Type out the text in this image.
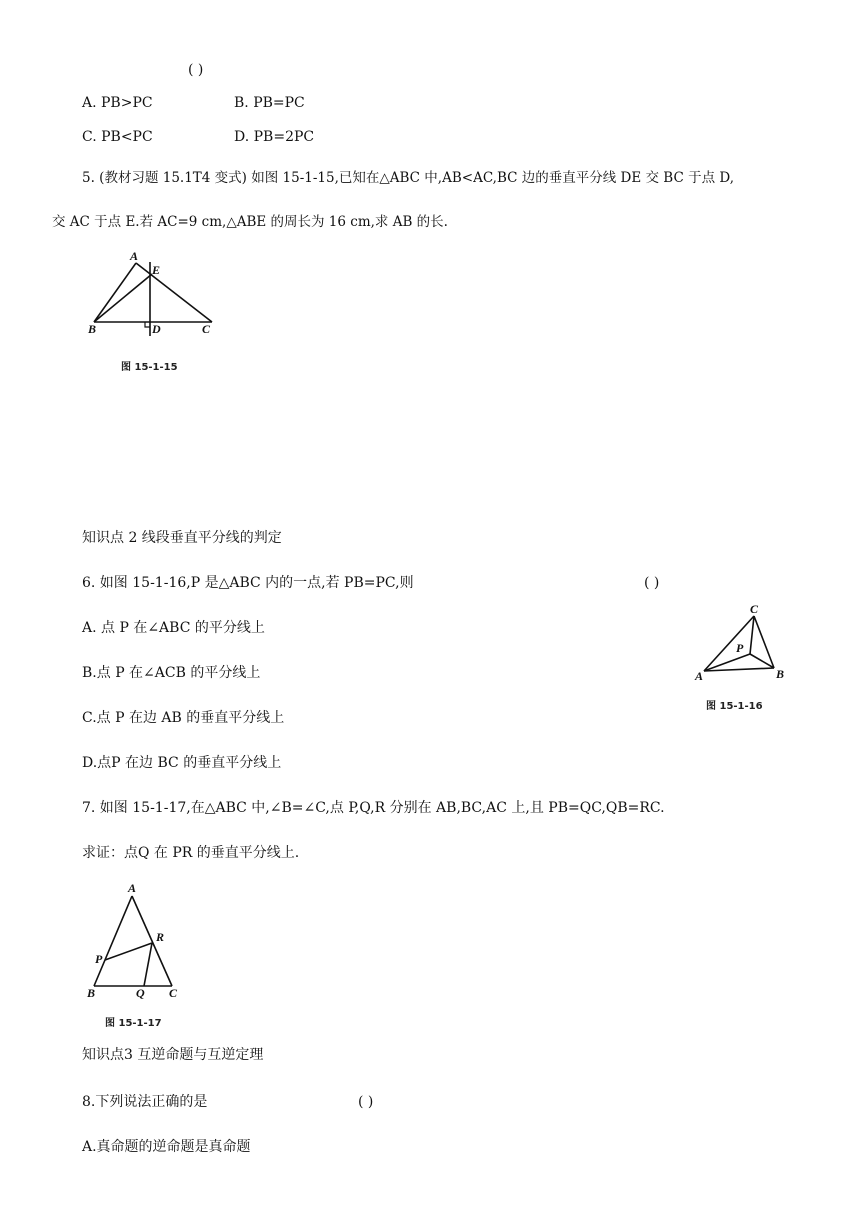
( )
A. PB>PC	B. PB=PC
C. PB<PC	D. PB=2PC
5. (教材习题 15.1T4 变式) 如图 15-1-15,已知在△ABC 中,AB<AC,BC 边的垂直平分线 DE 交 BC 于点 D,
交 AC 于点 E.若 AC=9 cm,△ABE 的周长为 16 cm,求 AB 的长.
A
E
B	D	C
图 15-1-15
知识点 2 线段垂直平分线的判定
6. 如图 15-1-16,P 是△ABC 内的一点,若 PB=PC,则	( )
A. 点 P 在∠ABC 的平分线上
B.点 P 在∠ACB 的平分线上
C.点 P 在边 AB 的垂直平分线上
D.点P 在边 BC 的垂直平分线上
C
P
A	B
图 15-1-16
7. 如图 15-1-17,在△ABC 中,∠B=∠C,点 P,Q,R 分别在 AB,BC,AC 上,且 PB=QC,QB=RC.
求证：点Q 在 PR 的垂直平分线上.
A
R
P
B	Q C
图 15-1-17
知识点3 互逆命题与互逆定理
8.下列说法正确的是	( )
A.真命题的逆命题是真命题
